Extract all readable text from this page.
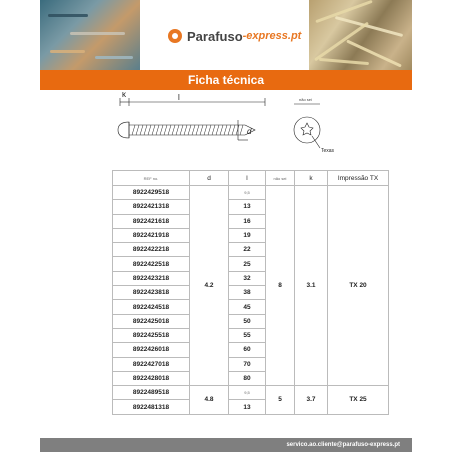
Parafuso -express.pt
Ficha técnica
k	l
d
não sei
Texas
REF no.	d	l	não sei	k	Impressão TX
8922429518	4.2	9,5	8	3.1	TX 20
8922421318		13			
8922421618		16			
8922421918		19			
8922422218		22			
8922422518		25			
8922423218		32			
8922423818		38			
8922424518		45			
8922425018		50			
8922425518		55			
8922426018		60			
8922427018		70			
8922428018		80			
8922489518	4.8	9,5	5	3.7	TX 25
8922481318		13			
servico.ao.cliente@parafuso-express.pt
